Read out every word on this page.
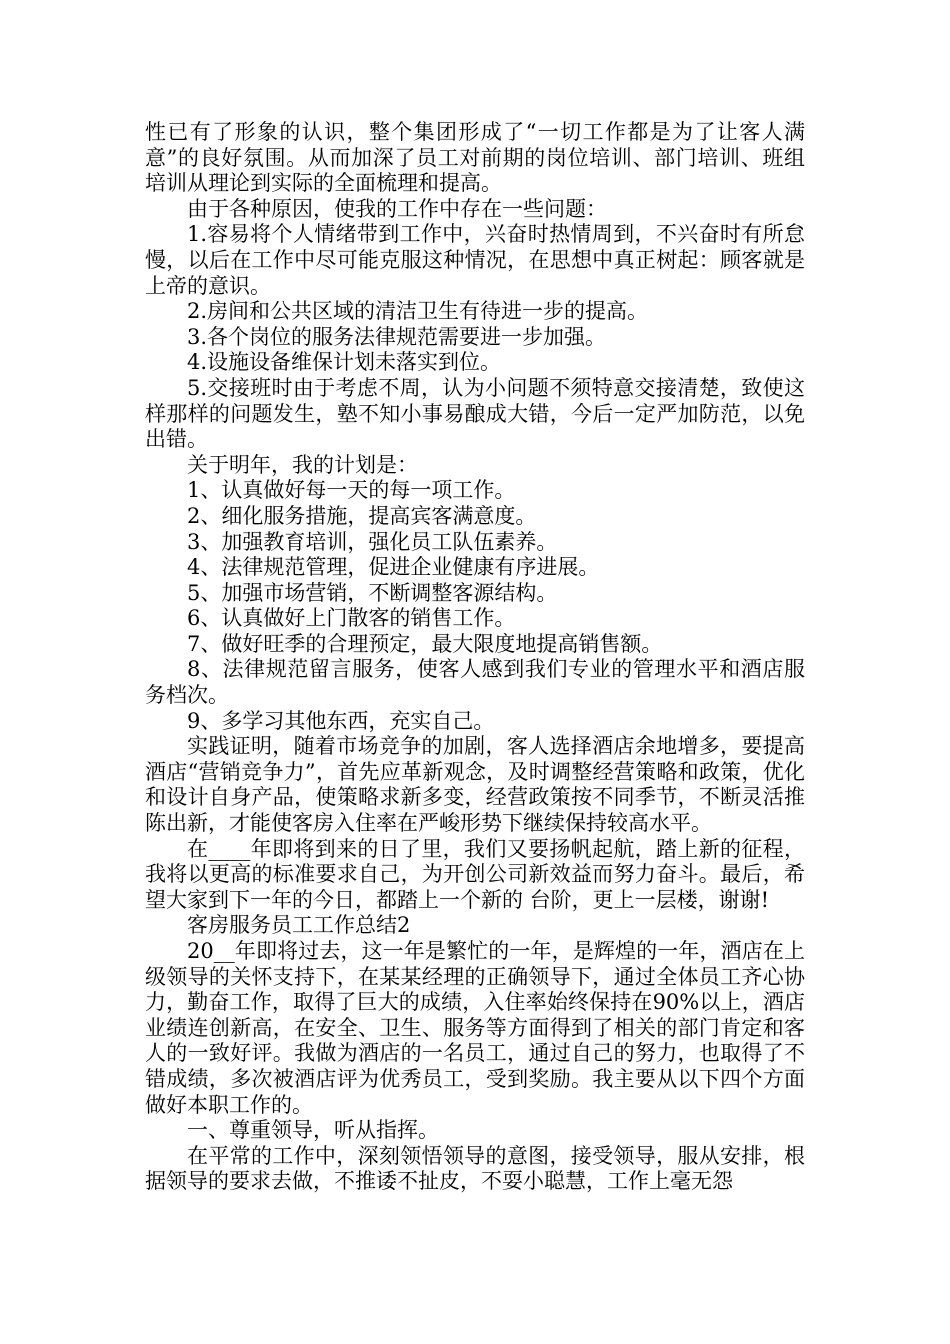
性已有了形象的认识，整个集团形成了“一切工作都是为了让客人满意”的良好氛围。从而加深了员工对前期的岗位培训、部门培训、班组培训从理论到实际的全面梳理和提高。

由于各种原因，使我的工作中存在一些问题：

1.容易将个人情绪带到工作中，兴奋时热情周到，不兴奋时有所怠慢，以后在工作中尽可能克服这种情况，在思想中真正树起：顾客就是上帝的意识。

2.房间和公共区域的清洁卫生有待进一步的提高。

3.各个岗位的服务法律规范需要进一步加强。

4.设施设备维保计划未落实到位。

5.交接班时由于考虑不周，认为小问题不须特意交接清楚，致使这样那样的问题发生，塾不知小事易酿成大错，今后一定严加防范，以免出错。

关于明年，我的计划是：

1、认真做好每一天的每一项工作。

2、细化服务措施，提高宾客满意度。

3、加强教育培训，强化员工队伍素养。

4、法律规范管理，促进企业健康有序进展。

5、加强市场营销，不断调整客源结构。

6、认真做好上门散客的销售工作。

7、做好旺季的合理预定，最大限度地提高销售额。

8、法律规范留言服务，使客人感到我们专业的管理水平和酒店服务档次。

9、多学习其他东西，充实自己。

实践证明，随着市场竞争的加剧，客人选择酒店余地增多，要提高酒店“营销竞争力”，首先应革新观念，及时调整经营策略和政策，优化和设计自身产品，使策略求新多变，经营政策按不同季节，不断灵活推陈出新，才能使客房入住率在严峻形势下继续保持较高水平。

在____年即将到来的日了里，我们又要扬帆起航，踏上新的征程，我将以更高的标准要求自己，为开创公司新效益而努力奋斗。最后，希望大家到下一年的今日，都踏上一个新的 台阶，更上一层楼，谢谢!

客房服务员工工作总结2

20__年即将过去，这一年是繁忙的一年，是辉煌的一年，酒店在上级领导的关怀支持下，在某某经理的正确领导下，通过全体员工齐心协力，勤奋工作，取得了巨大的成绩，入住率始终保持在90%以上，酒店业绩连创新高，在安全、卫生、服务等方面得到了相关的部门肯定和客人的一致好评。我做为酒店的一名员工，通过自己的努力，也取得了不错成绩，多次被酒店评为优秀员工，受到奖励。我主要从以下四个方面做好本职工作的。

一、尊重领导，听从指挥。

在平常的工作中，深刻领悟领导的意图，接受领导，服从安排，根据领导的要求去做，不推诿不扯皮，不耍小聪慧，工作上毫无怨
